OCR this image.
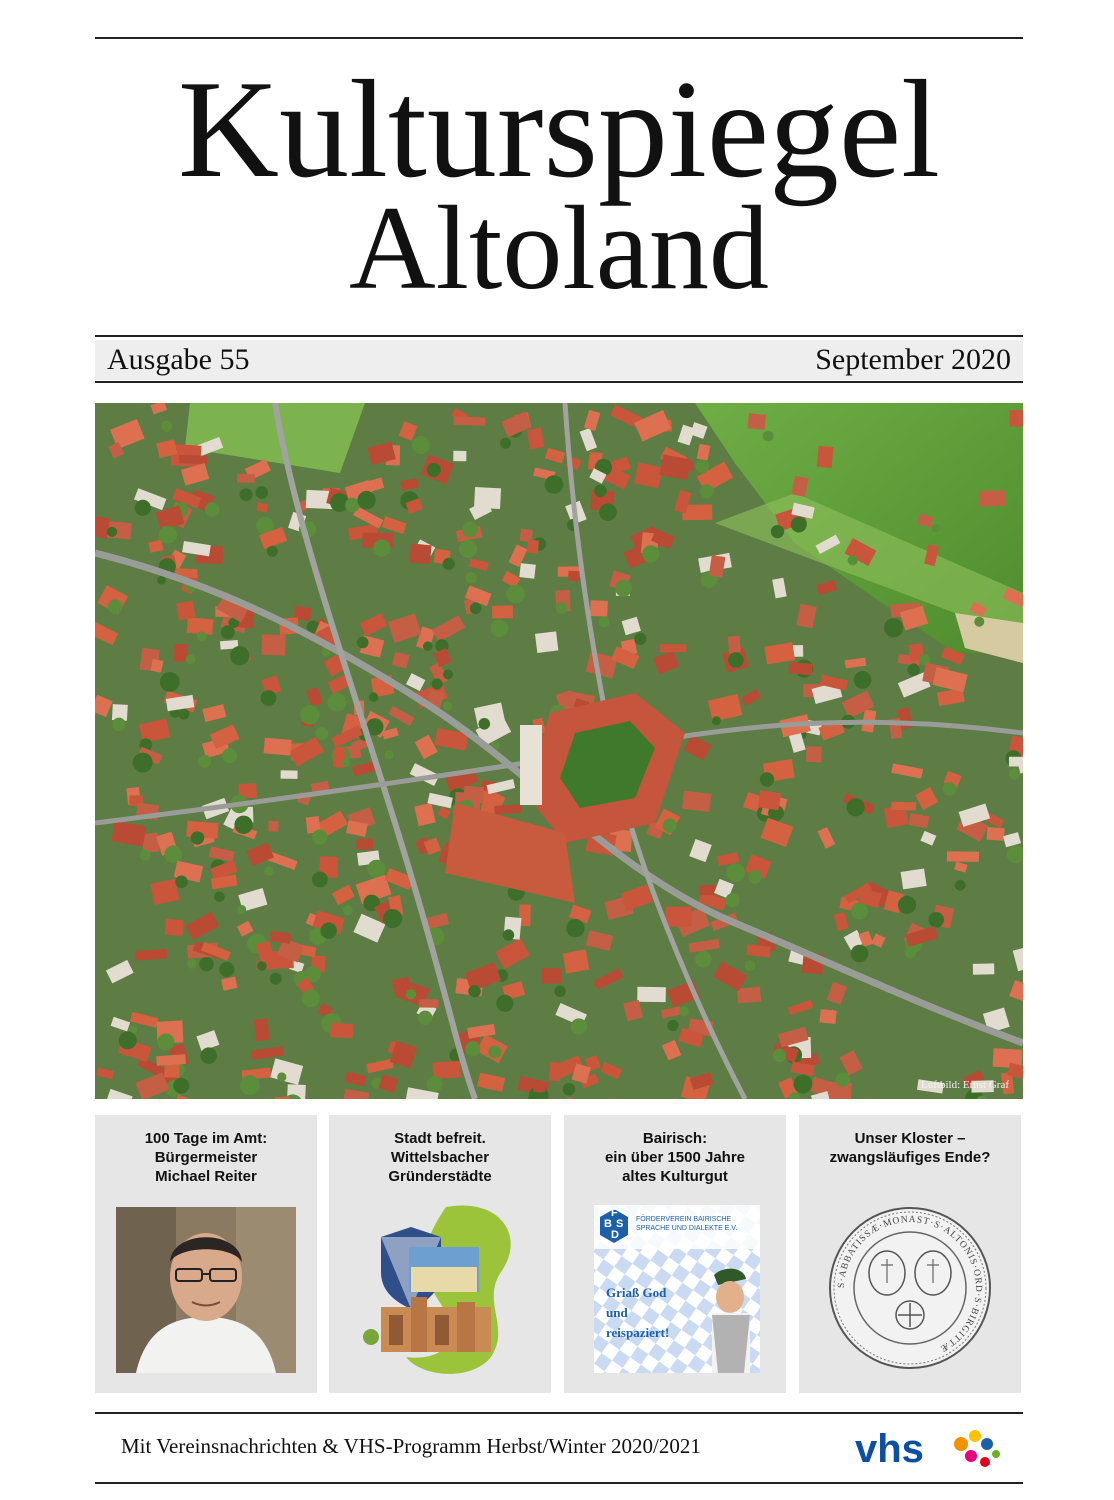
Kulturspiegel
Altoland
Ausgabe 55	September 2020
Luftbild: Ernst Graf
100 Tage im Amt:
Bürgermeister
Michael Reiter
Stadt befreit.
Wittelsbacher
Gründerstädte
Bairisch:
ein über 1500 Jahre
altes Kulturgut
F
B S
D
FÖRDERVEREIN BAIRISCHE SPRACHE UND DIALEKTE E.V.
Griaß God
und
reispaziert!
Unser Kloster –
zwangsläufiges Ende?
S·ABBATISSÆ·MONAST·S·ALTONIS·ORD·S·BIRGITTÆ
Mit Vereinsnachrichten & VHS-Programm Herbst/Winter 2020/2021	vhs
